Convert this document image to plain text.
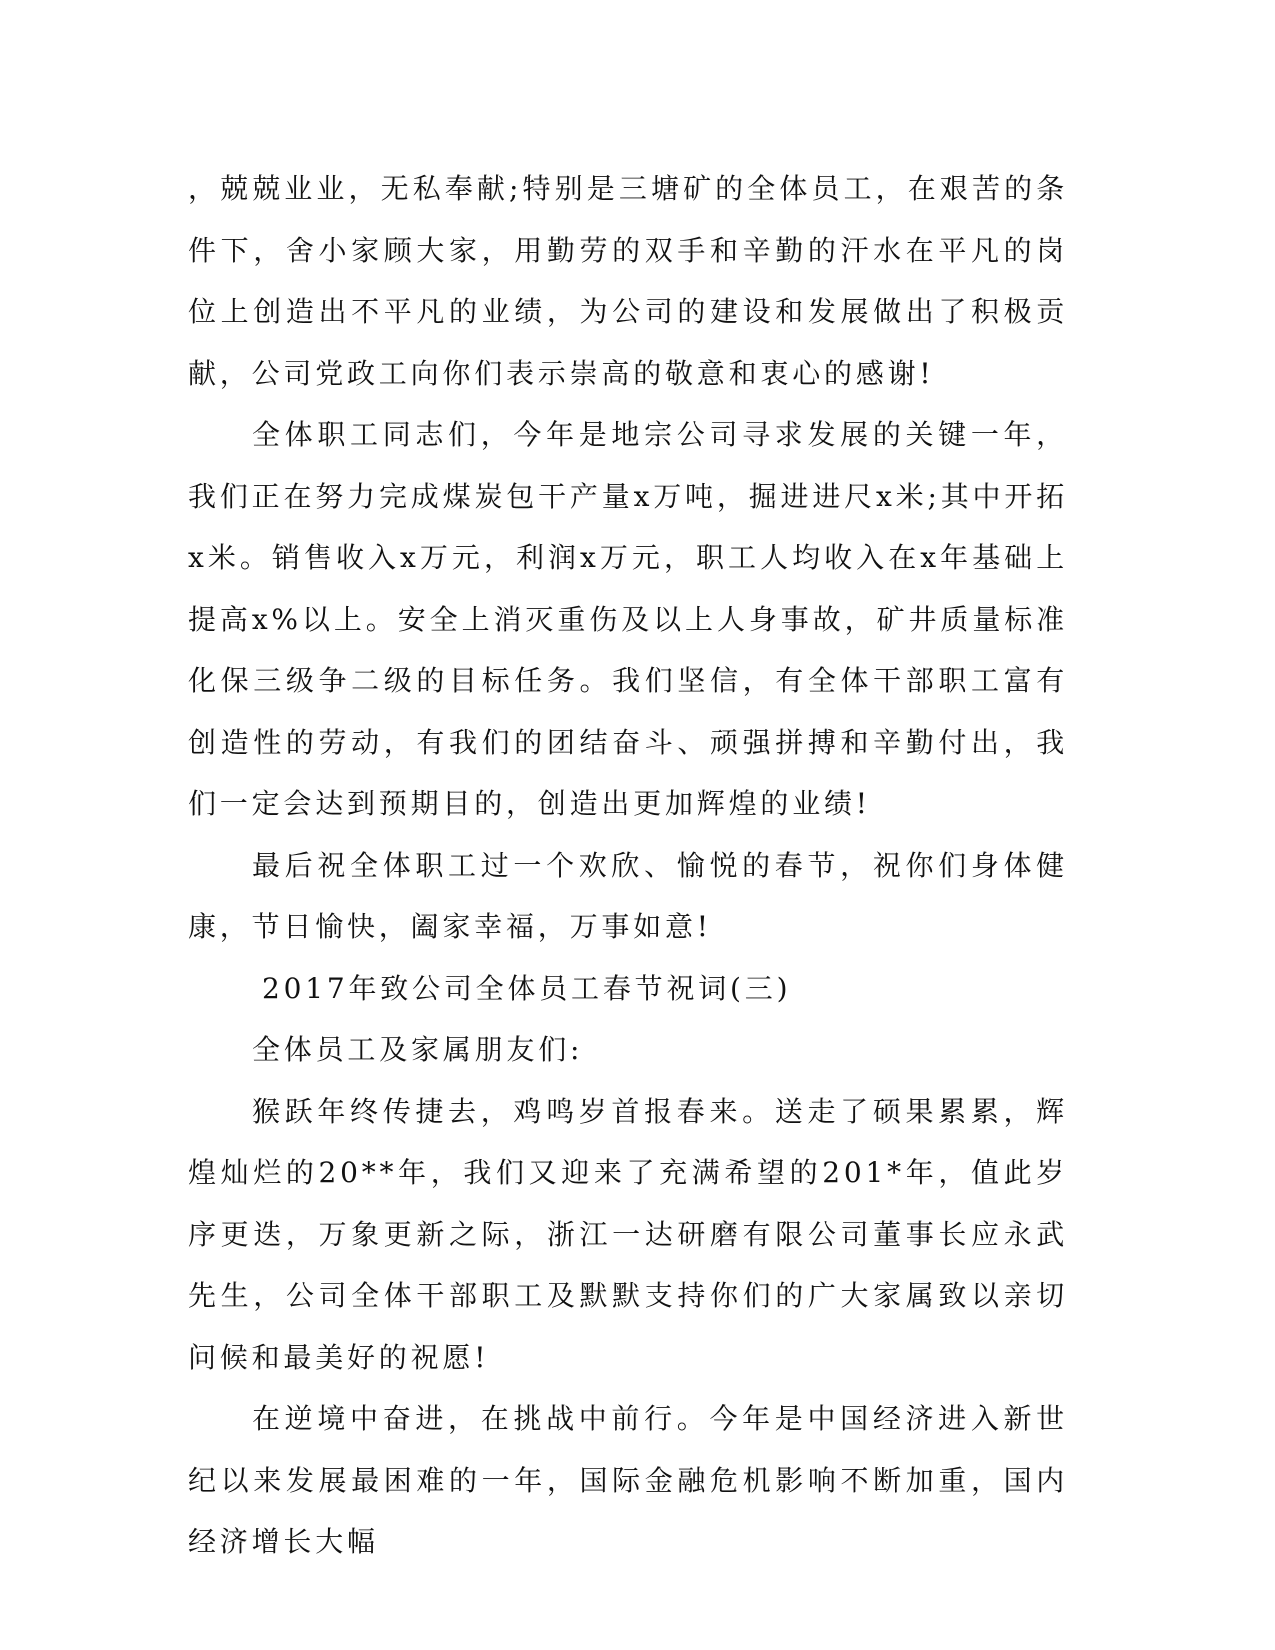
，兢兢业业，无私奉献;特别是三塘矿的全体员工，在艰苦的条件下，舍小家顾大家，用勤劳的双手和辛勤的汗水在平凡的岗位上创造出不平凡的业绩，为公司的建设和发展做出了积极贡献，公司党政工向你们表示崇高的敬意和衷心的感谢!

全体职工同志们，今年是地宗公司寻求发展的关键一年，我们正在努力完成煤炭包干产量x万吨，掘进进尺x米;其中开拓x米。销售收入x万元，利润x万元，职工人均收入在x年基础上提高x%以上。安全上消灭重伤及以上人身事故，矿井质量标准化保三级争二级的目标任务。我们坚信，有全体干部职工富有创造性的劳动，有我们的团结奋斗、顽强拼搏和辛勤付出，我们一定会达到预期目的，创造出更加辉煌的业绩!

最后祝全体职工过一个欢欣、愉悦的春节，祝你们身体健康，节日愉快，阖家幸福，万事如意!

2017年致公司全体员工春节祝词(三)

全体员工及家属朋友们:

猴跃年终传捷去，鸡鸣岁首报春来。送走了硕果累累，辉煌灿烂的20**年，我们又迎来了充满希望的201*年，值此岁序更迭，万象更新之际，浙江一达研磨有限公司董事长应永武先生，公司全体干部职工及默默支持你们的广大家属致以亲切问候和最美好的祝愿!

在逆境中奋进，在挑战中前行。今年是中国经济进入新世纪以来发展最困难的一年，国际金融危机影响不断加重，国内经济增长大幅
